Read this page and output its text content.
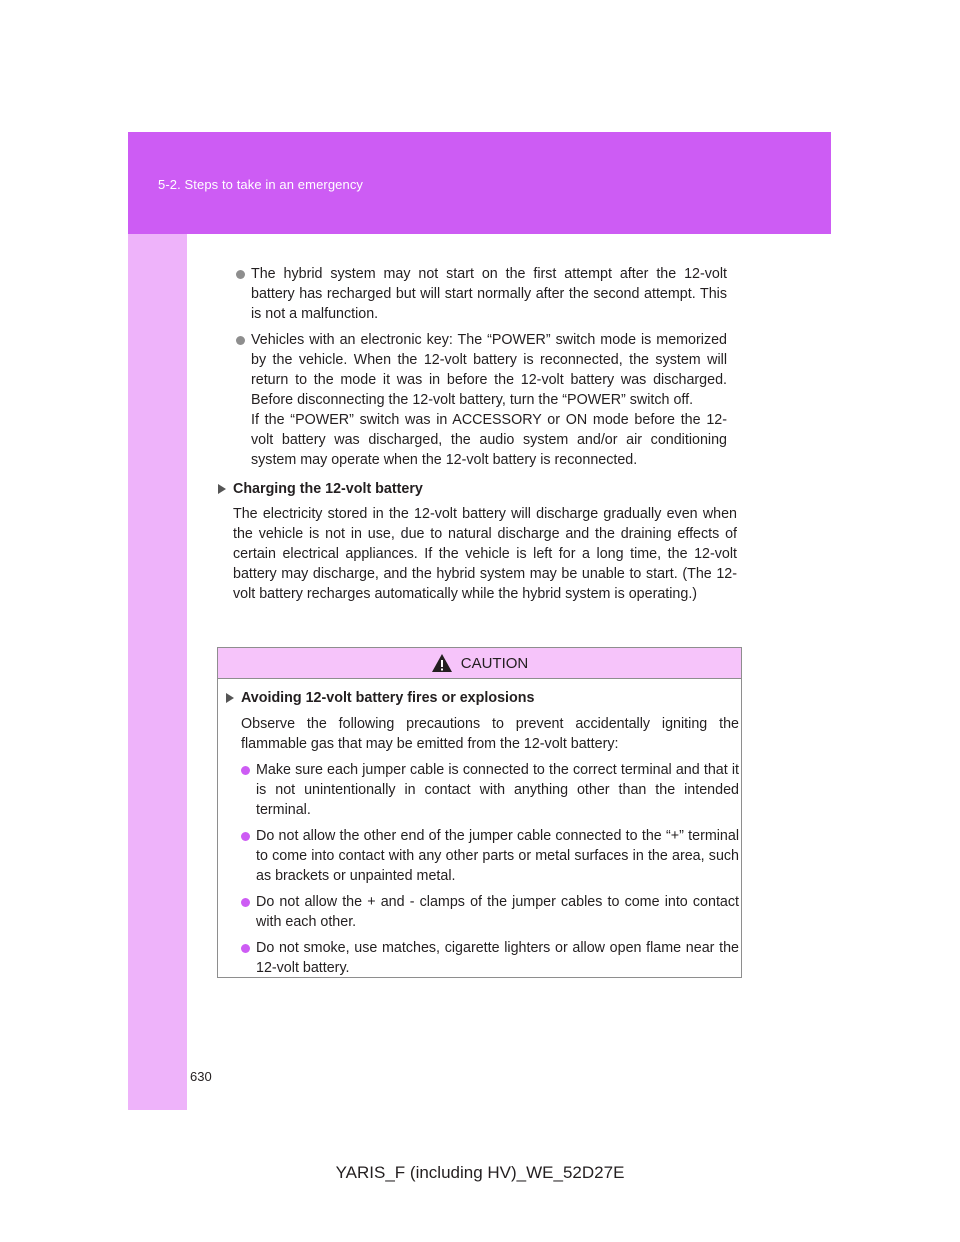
5-2. Steps to take in an emergency

The hybrid system may not start on the first attempt after the 12-volt battery has recharged but will start normally after the second attempt. This is not a malfunction.

Vehicles with an electronic key: The “POWER” switch mode is memorized by the vehicle. When the 12-volt battery is reconnected, the system will return to the mode it was in before the 12-volt battery was discharged. Before disconnecting the 12-volt battery, turn the “POWER” switch off.
If the “POWER” switch was in ACCESSORY or ON mode before the 12-volt battery was discharged, the audio system and/or air conditioning system may operate when the 12-volt battery is reconnected.

Charging the 12-volt battery

The electricity stored in the 12-volt battery will discharge gradually even when the vehicle is not in use, due to natural discharge and the draining effects of certain electrical appliances. If the vehicle is left for a long time, the 12-volt battery may discharge, and the hybrid system may be unable to start. (The 12-volt battery recharges automatically while the hybrid system is operating.)

CAUTION

Avoiding 12-volt battery fires or explosions

Observe the following precautions to prevent accidentally igniting the flammable gas that may be emitted from the 12-volt battery:

Make sure each jumper cable is connected to the correct terminal and that it is not unintentionally in contact with anything other than the intended terminal.

Do not allow the other end of the jumper cable connected to the “+” terminal to come into contact with any other parts or metal surfaces in the area, such as brackets or unpainted metal.

Do not allow the + and - clamps of the jumper cables to come into contact with each other.

Do not smoke, use matches, cigarette lighters or allow open flame near the 12-volt battery.

630
YARIS_F (including HV)_WE_52D27E
